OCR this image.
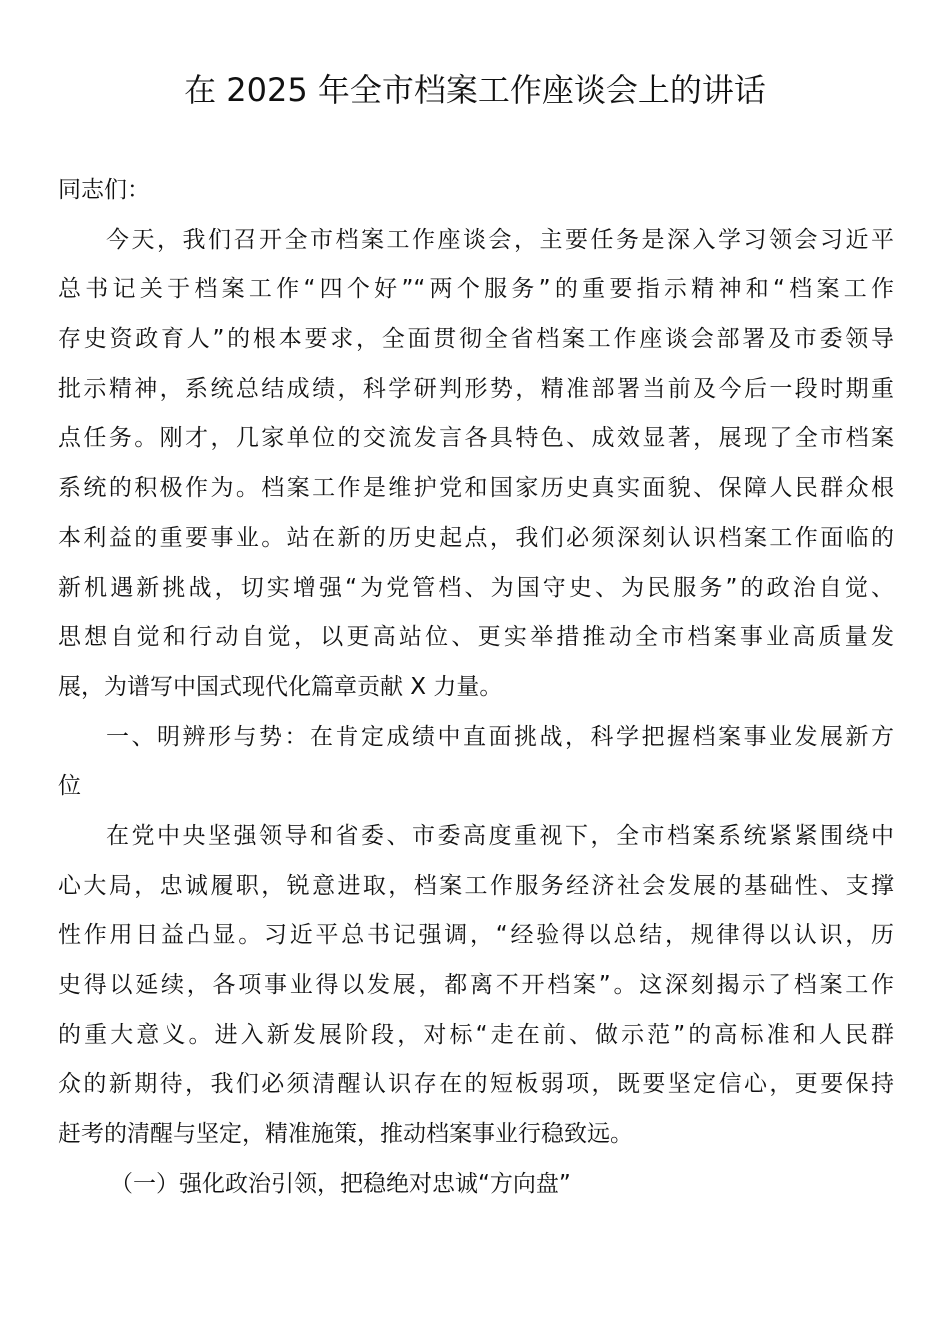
在 2025 年全市档案工作座谈会上的讲话
同志们：
今天，我们召开全市档案工作座谈会，主要任务是深入学习领会习近平
总书记关于档案工作“四个好”“两个服务”的重要指示精神和“档案工作
存史资政育人”的根本要求，全面贯彻全省档案工作座谈会部署及市委领导
批示精神，系统总结成绩，科学研判形势，精准部署当前及今后一段时期重
点任务。刚才，几家单位的交流发言各具特色、成效显著，展现了全市档案
系统的积极作为。档案工作是维护党和国家历史真实面貌、保障人民群众根
本利益的重要事业。站在新的历史起点，我们必须深刻认识档案工作面临的
新机遇新挑战，切实增强“为党管档、为国守史、为民服务”的政治自觉、
思想自觉和行动自觉，以更高站位、更实举措推动全市档案事业高质量发
展，为谱写中国式现代化篇章贡献 X 力量。
一、明辨形与势：在肯定成绩中直面挑战，科学把握档案事业发展新方
位
在党中央坚强领导和省委、市委高度重视下，全市档案系统紧紧围绕中
心大局，忠诚履职，锐意进取，档案工作服务经济社会发展的基础性、支撑
性作用日益凸显。习近平总书记强调，“经验得以总结，规律得以认识，历
史得以延续，各项事业得以发展，都离不开档案”。这深刻揭示了档案工作
的重大意义。进入新发展阶段，对标“走在前、做示范”的高标准和人民群
众的新期待，我们必须清醒认识存在的短板弱项，既要坚定信心，更要保持
赶考的清醒与坚定，精准施策，推动档案事业行稳致远。
（一）强化政治引领，把稳绝对忠诚“方向盘”
